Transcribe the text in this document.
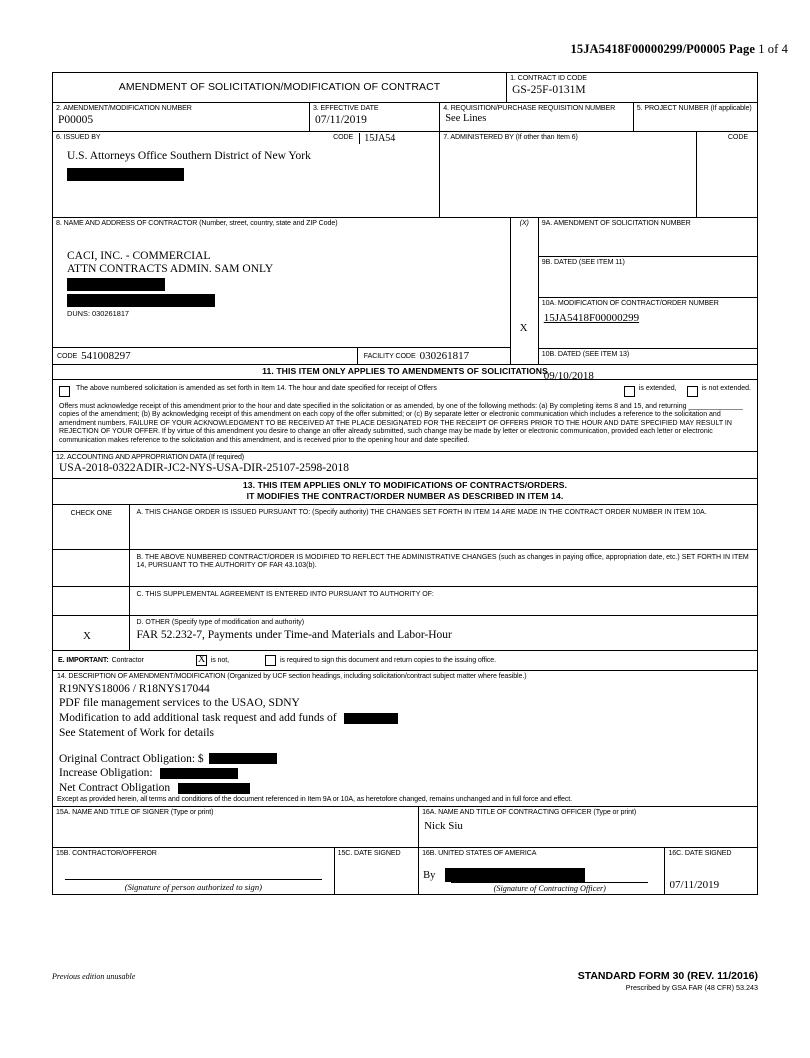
15JA5418F00000299/P00005 Page 1 of 4
AMENDMENT OF SOLICITATION/MODIFICATION OF CONTRACT
1. CONTRACT ID CODE
GS-25F-0131M
2. AMENDMENT/MODIFICATION NUMBER
P00005
3. EFFECTIVE DATE
07/11/2019
4. REQUISITION/PURCHASE REQUISITION NUMBER
See Lines
5. PROJECT NUMBER (If applicable)
6. ISSUED BY	CODE	15JA54
U.S. Attorneys Office Southern District of New York
7. ADMINISTERED BY (If other than Item 6)	CODE
8. NAME AND ADDRESS OF CONTRACTOR (Number, street, country, state and ZIP Code)
CACI, INC. - COMMERCIAL
ATTN CONTRACTS ADMIN. SAM ONLY
DUNS: 030261817
CODE 541008297	FACILITY CODE 030261817
(X)
X
9A. AMENDMENT OF SOLICITATION NUMBER
9B. DATED (SEE ITEM 11)
10A. MODIFICATION OF CONTRACT/ORDER NUMBER
15JA5418F00000299
10B. DATED (SEE ITEM 13)
09/10/2018
11. THIS ITEM ONLY APPLIES TO AMENDMENTS OF SOLICITATIONS
The above numbered solicitation is amended as set forth in Item 14. The hour and date specified for receipt of Offers	is extended,	is not extended.
Offers must acknowledge receipt of this amendment prior to the hour and date specified in the solicitation or as amended, by one of the following methods: (a) By completing items 8 and 15, and returning ______________ copies of the amendment; (b) By acknowledging receipt of this amendment on each copy of the offer submitted; or (c) By separate letter or electronic communication which includes a reference to the solicitation and amendment numbers. FAILURE OF YOUR ACKNOWLEDGMENT TO BE RECEIVED AT THE PLACE DESIGNATED FOR THE RECEIPT OF OFFERS PRIOR TO THE HOUR AND DATE SPECIFIED MAY RESULT IN REJECTION OF YOUR OFFER. If by virtue of this amendment you desire to change an offer already submitted, such change may be made by letter or electronic communication, provided each letter or electronic communication makes reference to the solicitation and this amendment, and is received prior to the opening hour and date specified.
12. ACCOUNTING AND APPROPRIATION DATA (If required)
USA-2018-0322ADIR-JC2-NYS-USA-DIR-25107-2598-2018
13. THIS ITEM APPLIES ONLY TO MODIFICATIONS OF CONTRACTS/ORDERS.
IT MODIFIES THE CONTRACT/ORDER NUMBER AS DESCRIBED IN ITEM 14.
CHECK ONE	A. THIS CHANGE ORDER IS ISSUED PURSUANT TO: (Specify authority) THE CHANGES SET FORTH IN ITEM 14 ARE MADE IN THE CONTRACT ORDER NUMBER IN ITEM 10A.
B. THE ABOVE NUMBERED CONTRACT/ORDER IS MODIFIED TO REFLECT THE ADMINISTRATIVE CHANGES (such as changes in paying office, appropriation date, etc.) SET FORTH IN ITEM 14, PURSUANT TO THE AUTHORITY OF FAR 43.103(b).
C. THIS SUPPLEMENTAL AGREEMENT IS ENTERED INTO PURSUANT TO AUTHORITY OF:
X
D. OTHER (Specify type of modification and authority)
FAR 52.232-7, Payments under Time-and Materials and Labor-Hour
E. IMPORTANT: Contractor X	is not,	is required to sign this document and return copies to the issuing office.
14. DESCRIPTION OF AMENDMENT/MODIFICATION (Organized by UCF section headings, including solicitation/contract subject matter where feasible.)
R19NYS18006 / R18NYS17044
PDF file management services to the USAO, SDNY
Modification to add additional task request and add funds of
See Statement of Work for details
Original Contract Obligation: $
Increase Obligation:
Net Contract Obligation
Except as provided herein, all terms and conditions of the document referenced in Item 9A or 10A, as heretofore changed, remains unchanged and in full force and effect.
15A. NAME AND TITLE OF SIGNER (Type or print)	16A. NAME AND TITLE OF CONTRACTING OFFICER (Type or print)
Nick Siu
15B. CONTRACTOR/OFFEROR
(Signature of person authorized to sign)
15C. DATE SIGNED	16B. UNITED STATES OF AMERICA
By
(Signature of Contracting Officer)
16C. DATE SIGNED
07/11/2019
Previous edition unusable	STANDARD FORM 30 (REV. 11/2016)
Prescribed by GSA FAR (48 CFR) 53.243
